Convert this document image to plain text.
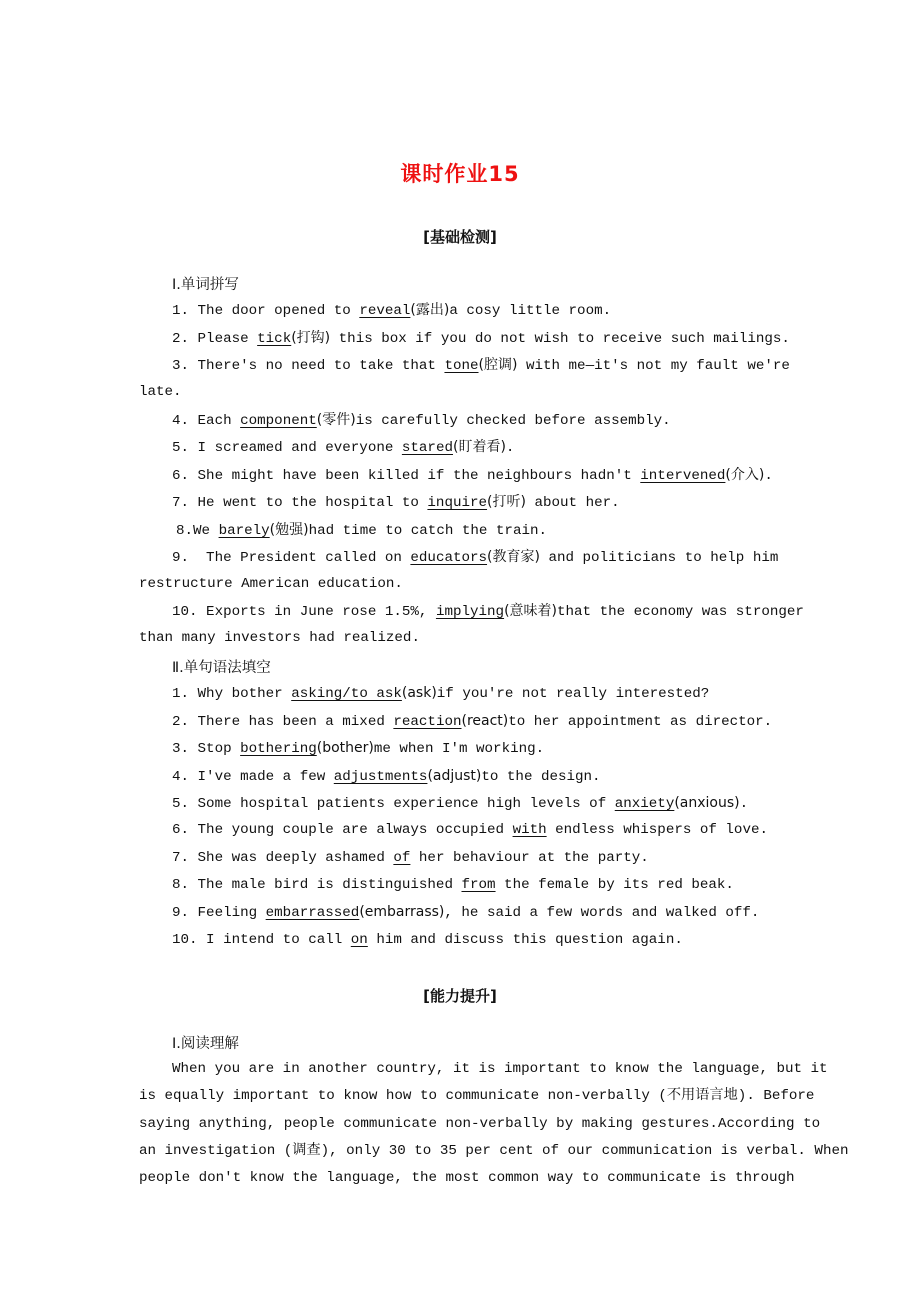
课时作业15
[基础检测]
Ⅰ.单词拼写
1. The door opened to reveal(露出)a cosy little room.
2. Please tick(打钩) this box if you do not wish to receive such mailings.
3. There's no need to take that tone(腔调) with me—it's not my fault we're
late.
4. Each component(零件)is carefully checked before assembly.
5. I screamed and everyone stared(盯着看).
6. She might have been killed if the neighbours hadn't intervened(介入).
7. He went to the hospital to inquire(打听) about her.
8.We barely(勉强)had time to catch the train.
9.  The President called on educators(教育家) and politicians to help him
restructure American education.
10. Exports in June rose 1.5%, implying(意味着)that the economy was stronger
than many investors had realized.
Ⅱ.单句语法填空
1. Why bother asking/to ask(ask)if you're not really interested?
2. There has been a mixed reaction(react)to her appointment as director.
3. Stop bothering(bother)me when I'm working.
4. I've made a few adjustments(adjust)to the design.
5. Some hospital patients experience high levels of anxiety(anxious).
6. The young couple are always occupied with endless whispers of love.
7. She was deeply ashamed of her behaviour at the party.
8. The male bird is distinguished from the female by its red beak.
9. Feeling embarrassed(embarrass), he said a few words and walked off.
10. I intend to call on him and discuss this question again.
[能力提升]
Ⅰ.阅读理解
When you are in another country, it is important to know the language, but it
is equally important to know how to communicate non-verbally (不用语言地). Before
saying anything, people communicate non-verbally by making gestures.According to
an investigation (调查), only 30 to 35 per cent of our communication is verbal. When
people don't know the language, the most common way to communicate is through
